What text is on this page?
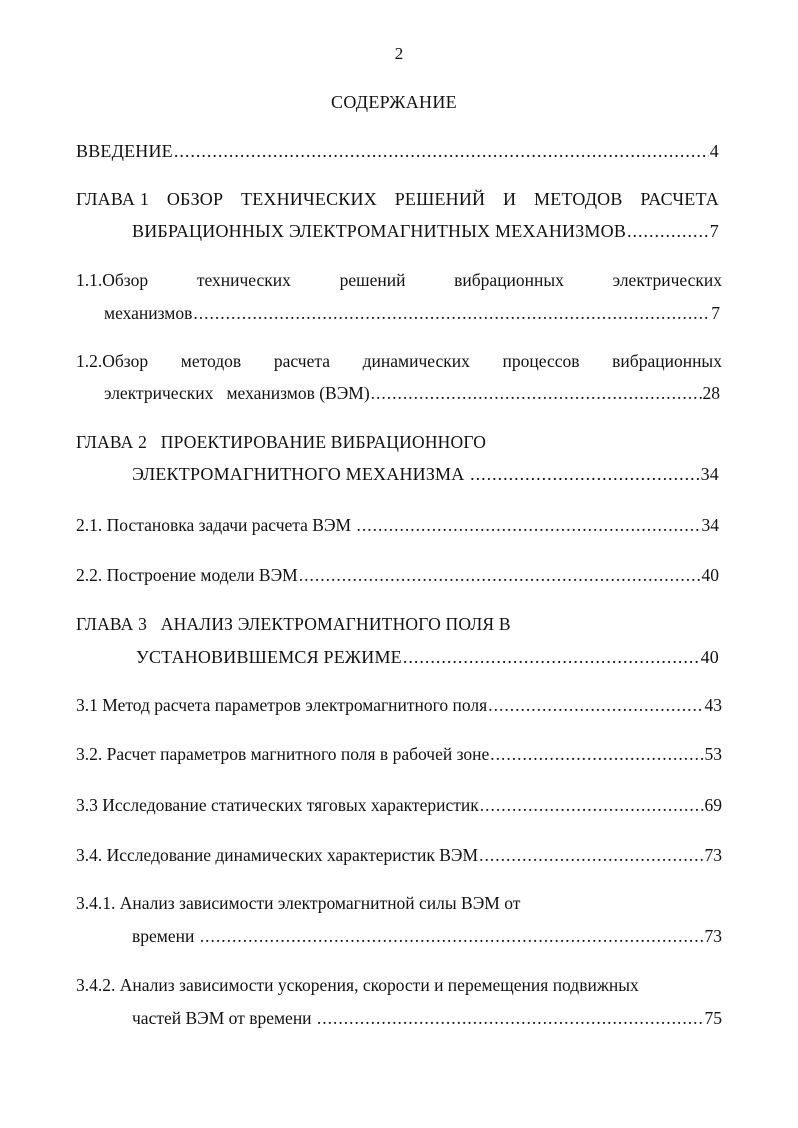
2
СОДЕРЖАНИЕ
ВВЕДЕНИЕ .....	4
ГЛАВА 1 ОБЗОР ТЕХНИЧЕСКИХ РЕШЕНИЙ И МЕТОДОВ РАСЧЕТА
ВИБРАЦИОННЫХ ЭЛЕКТРОМАГНИТНЫХ МЕХАНИЗМОВ .....	7
1.1.Обзор	технических	решений	вибрационных	электрических
механизмов .....	7
1.2.Обзор методов расчета динамических процессов вибрационных
электрических   механизмов (ВЭМ) .....	28
ГЛАВА 2   ПРОЕКТИРОВАНИЕ ВИБРАЦИОННОГО
ЭЛЕКТРОМАГНИТНОГО МЕХАНИЗМА .....	34
2.1. Постановка задачи расчета ВЭМ .....	34
2.2. Построение модели ВЭМ .....	40
ГЛАВА 3   АНАЛИЗ ЭЛЕКТРОМАГНИТНОГО ПОЛЯ В
УСТАНОВИВШЕМСЯ РЕЖИМЕ .....	40
3.1 Метод расчета параметров электромагнитного поля .....	43
3.2. Расчет параметров магнитного поля в рабочей зоне .....	53
3.3 Исследование статических тяговых характеристик .....	69
3.4. Исследование динамических характеристик ВЭМ .....	73
3.4.1. Анализ зависимости электромагнитной силы ВЭМ от
времени .....	73
3.4.2. Анализ зависимости ускорения, скорости и перемещения подвижных
частей ВЭМ от времени .....	75
